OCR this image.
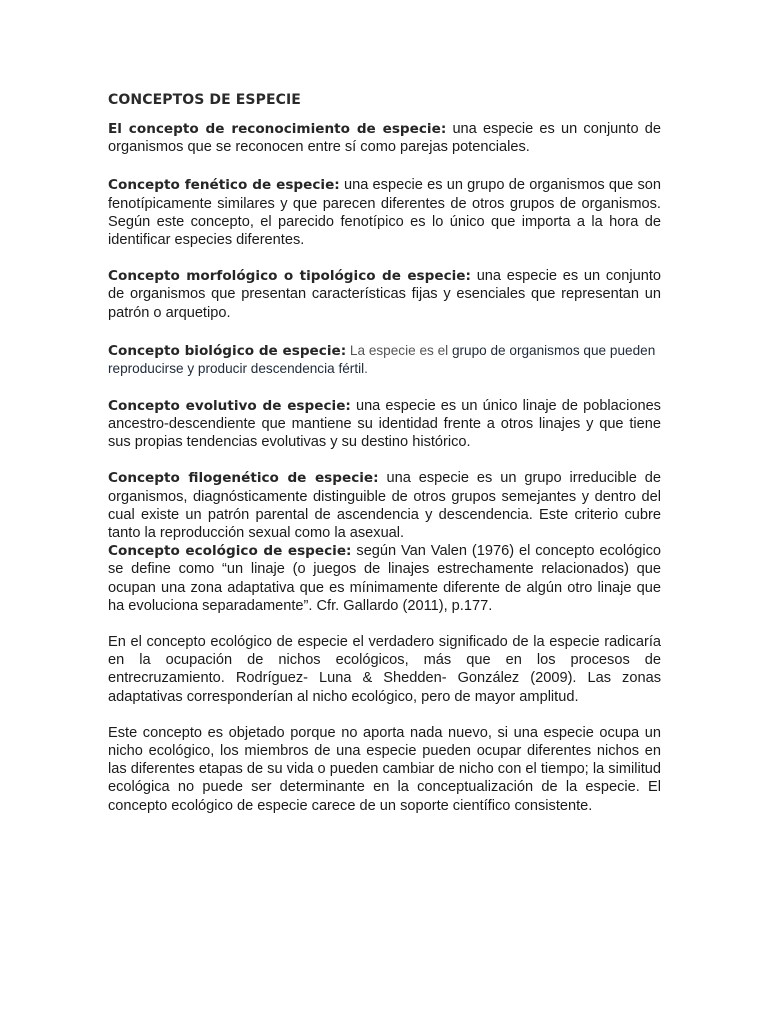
CONCEPTOS DE ESPECIE

El concepto de reconocimiento de especie: una especie es un conjunto de organismos que se reconocen entre sí como parejas potenciales.

Concepto fenético de especie: una especie es un grupo de organismos que son fenotípicamente similares y que parecen diferentes de otros grupos de organismos. Según este concepto, el parecido fenotípico es lo único que importa a la hora de identificar especies diferentes.

Concepto morfológico o tipológico de especie: una especie es un conjunto de organismos que presentan características fijas y esenciales que representan un patrón o arquetipo.

Concepto biológico de especie: La especie es el grupo de organismos que pueden reproducirse y producir descendencia fértil.

Concepto evolutivo de especie: una especie es un único linaje de poblaciones ancestro-descendiente que mantiene su identidad frente a otros linajes y que tiene sus propias tendencias evolutivas y su destino histórico.

Concepto filogenético de especie: una especie es un grupo irreducible de organismos, diagnósticamente distinguible de otros grupos semejantes y dentro del cual existe un patrón parental de ascendencia y descendencia. Este criterio cubre tanto la reproducción sexual como la asexual.

Concepto ecológico de especie: según Van Valen (1976) el concepto ecológico se define como “un linaje (o juegos de linajes estrechamente relacionados) que ocupan una zona adaptativa que es mínimamente diferente de algún otro linaje que ha evoluciona separadamente”. Cfr. Gallardo (2011), p.177.

En el concepto ecológico de especie el verdadero significado de la especie radicaría en la ocupación de nichos ecológicos, más que en los procesos de entrecruzamiento. Rodríguez- Luna & Shedden- González (2009). Las zonas adaptativas corresponderían al nicho ecológico, pero de mayor amplitud.

Este concepto es objetado porque no aporta nada nuevo, si una especie ocupa un nicho ecológico, los miembros de una especie pueden ocupar diferentes nichos en las diferentes etapas de su vida o pueden cambiar de nicho con el tiempo; la similitud ecológica no puede ser determinante en la conceptualización de la especie. El concepto ecológico de especie carece de un soporte científico consistente.
